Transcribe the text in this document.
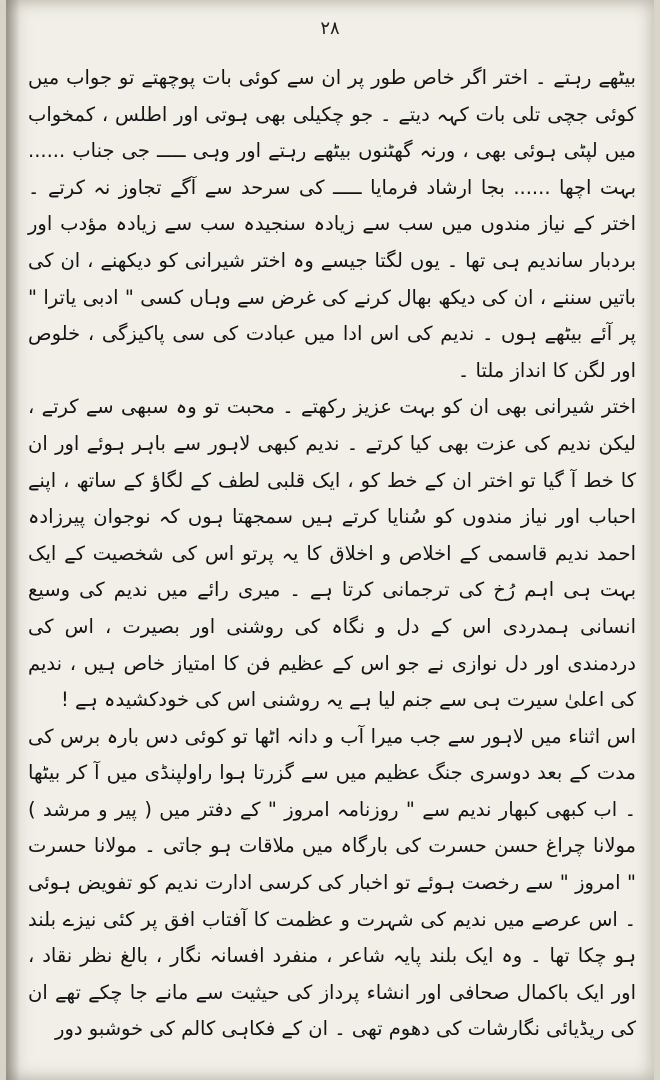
۲۸

بیٹھے رہتے ۔ اختر اگر خاص طور پر ان سے کوئی بات پوچھتے تو جواب میں کوئی جچی تلی بات کہہ دیتے ۔ جو چکیلی بھی ہوتی اور اطلس ، کمخواب میں لپٹی ہوئی بھی ، ورنہ گھٹنوں بیٹھے رہتے اور وہی ـــــ جی جناب ...... بہت اچھا ...... بجا ارشاد فرمایا ـــــ کی سرحد سے آگے تجاوز نہ کرتے ۔ اختر کے نیاز مندوں میں سب سے زیادہ سنجیدہ سب سے زیادہ مؤدب اور بردبار ساندیم ہی تھا ۔ یوں لگتا جیسے وہ اختر شیرانی کو دیکھنے ، ان کی باتیں سننے ، ان کی دیکھ بھال کرنے کی غرض سے وہاں کسی " ادبی یاترا " پر آئے بیٹھے ہوں ۔ ندیم کی اس ادا میں عبادت کی سی پاکیزگی ، خلوص اور لگن کا انداز ملتا ۔

اختر شیرانی بھی ان کو بہت عزیز رکھتے ۔ محبت تو وہ سبھی سے کرتے ، لیکن ندیم کی عزت بھی کیا کرتے ۔ ندیم کبھی لاہور سے باہر ہوئے اور ان کا خط آ گیا تو اختر ان کے خط کو ، ایک قلبی لطف کے لگاؤ کے ساتھ ، اپنے احباب اور نیاز مندوں کو سُنایا کرتے ہیں سمجھتا ہوں کہ نوجوان پیرزادہ احمد ندیم قاسمی کے اخلاص و اخلاق کا یہ پرتو اس کی شخصیت کے ایک بہت ہی اہم رُخ کی ترجمانی کرتا ہے ۔ میری رائے میں ندیم کی وسیع انسانی ہمدردی اس کے دل و نگاہ کی روشنی اور بصیرت ، اس کی دردمندی اور دل نوازی نے جو اس کے عظیم فن کا امتیاز خاص ہیں ، ندیم کی اعلیٰ سیرت ہی سے جنم لیا ہے یہ روشنی اس کی خودکشیدہ ہے !

اس اثناء میں لاہور سے جب میرا آب و دانہ اٹھا تو کوئی دس بارہ برس کی مدت کے بعد دوسری جنگ عظیم میں سے گزرتا ہوا راولپنڈی میں آ کر بیٹھا ۔ اب کبھی کبھار ندیم سے " روزنامہ امروز " کے دفتر میں ( پیر و مرشد ) مولانا چراغ حسن حسرت کی بارگاہ میں ملاقات ہو جاتی ۔ مولانا حسرت " امروز " سے رخصت ہوئے تو اخبار کی کرسی ادارت ندیم کو تفویض ہوئی ۔ اس عرصے میں ندیم کی شہرت و عظمت کا آفتاب افق پر کئی نیزے بلند ہو چکا تھا ۔ وہ ایک بلند پایہ شاعر ، منفرد افسانہ نگار ، بالغ نظر نقاد ، اور ایک باکمال صحافی اور انشاء پرداز کی حیثیت سے مانے جا چکے تھے ان کی ریڈیائی نگارشات کی دھوم تھی ۔ ان کے فکاہی کالم کی خوشبو دور
